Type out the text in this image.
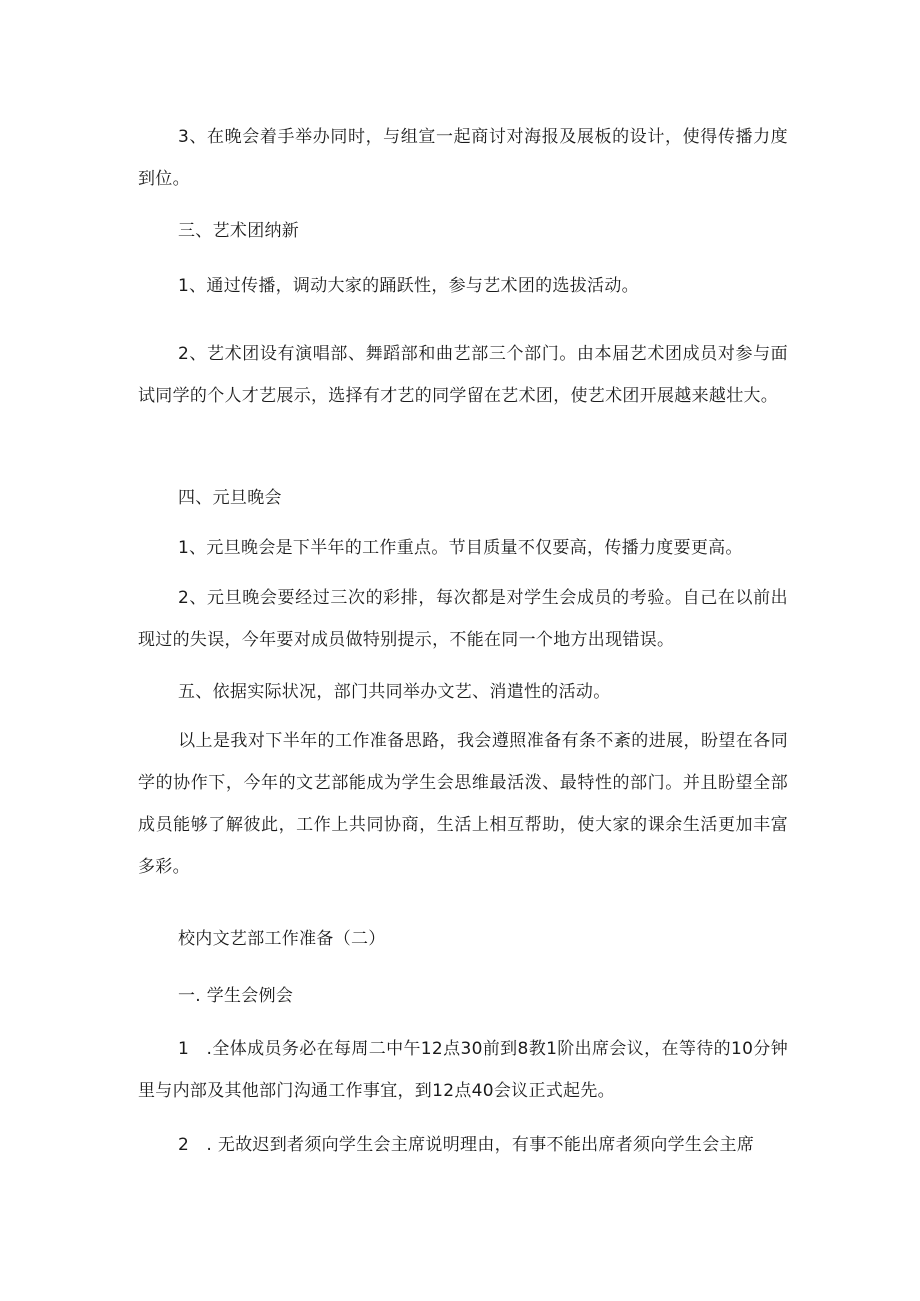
3、在晚会着手举办同时，与组宣一起商讨对海报及展板的设计，使得传播力度到位。

三、艺术团纳新

1、通过传播，调动大家的踊跃性，参与艺术团的选拔活动。

2、艺术团设有演唱部、舞蹈部和曲艺部三个部门。由本届艺术团成员对参与面试同学的个人才艺展示，选择有才艺的同学留在艺术团，使艺术团开展越来越壮大。

四、元旦晚会

1、元旦晚会是下半年的工作重点。节目质量不仅要高，传播力度要更高。

2、元旦晚会要经过三次的彩排，每次都是对学生会成员的考验。自己在以前出现过的失误，今年要对成员做特别提示，不能在同一个地方出现错误。

五、依据实际状况，部门共同举办文艺、消遣性的活动。

以上是我对下半年的工作准备思路，我会遵照准备有条不紊的进展，盼望在各同学的协作下，今年的文艺部能成为学生会思维最活泼、最特性的部门。并且盼望全部成员能够了解彼此，工作上共同协商，生活上相互帮助，使大家的课余生活更加丰富多彩。

校内文艺部工作准备（二）

一. 学生会例会

1　.全体成员务必在每周二中午12点30前到8教1阶出席会议，在等待的10分钟里与内部及其他部门沟通工作事宜，到12点40会议正式起先。

2　. 无故迟到者须向学生会主席说明理由，有事不能出席者须向学生会主席
